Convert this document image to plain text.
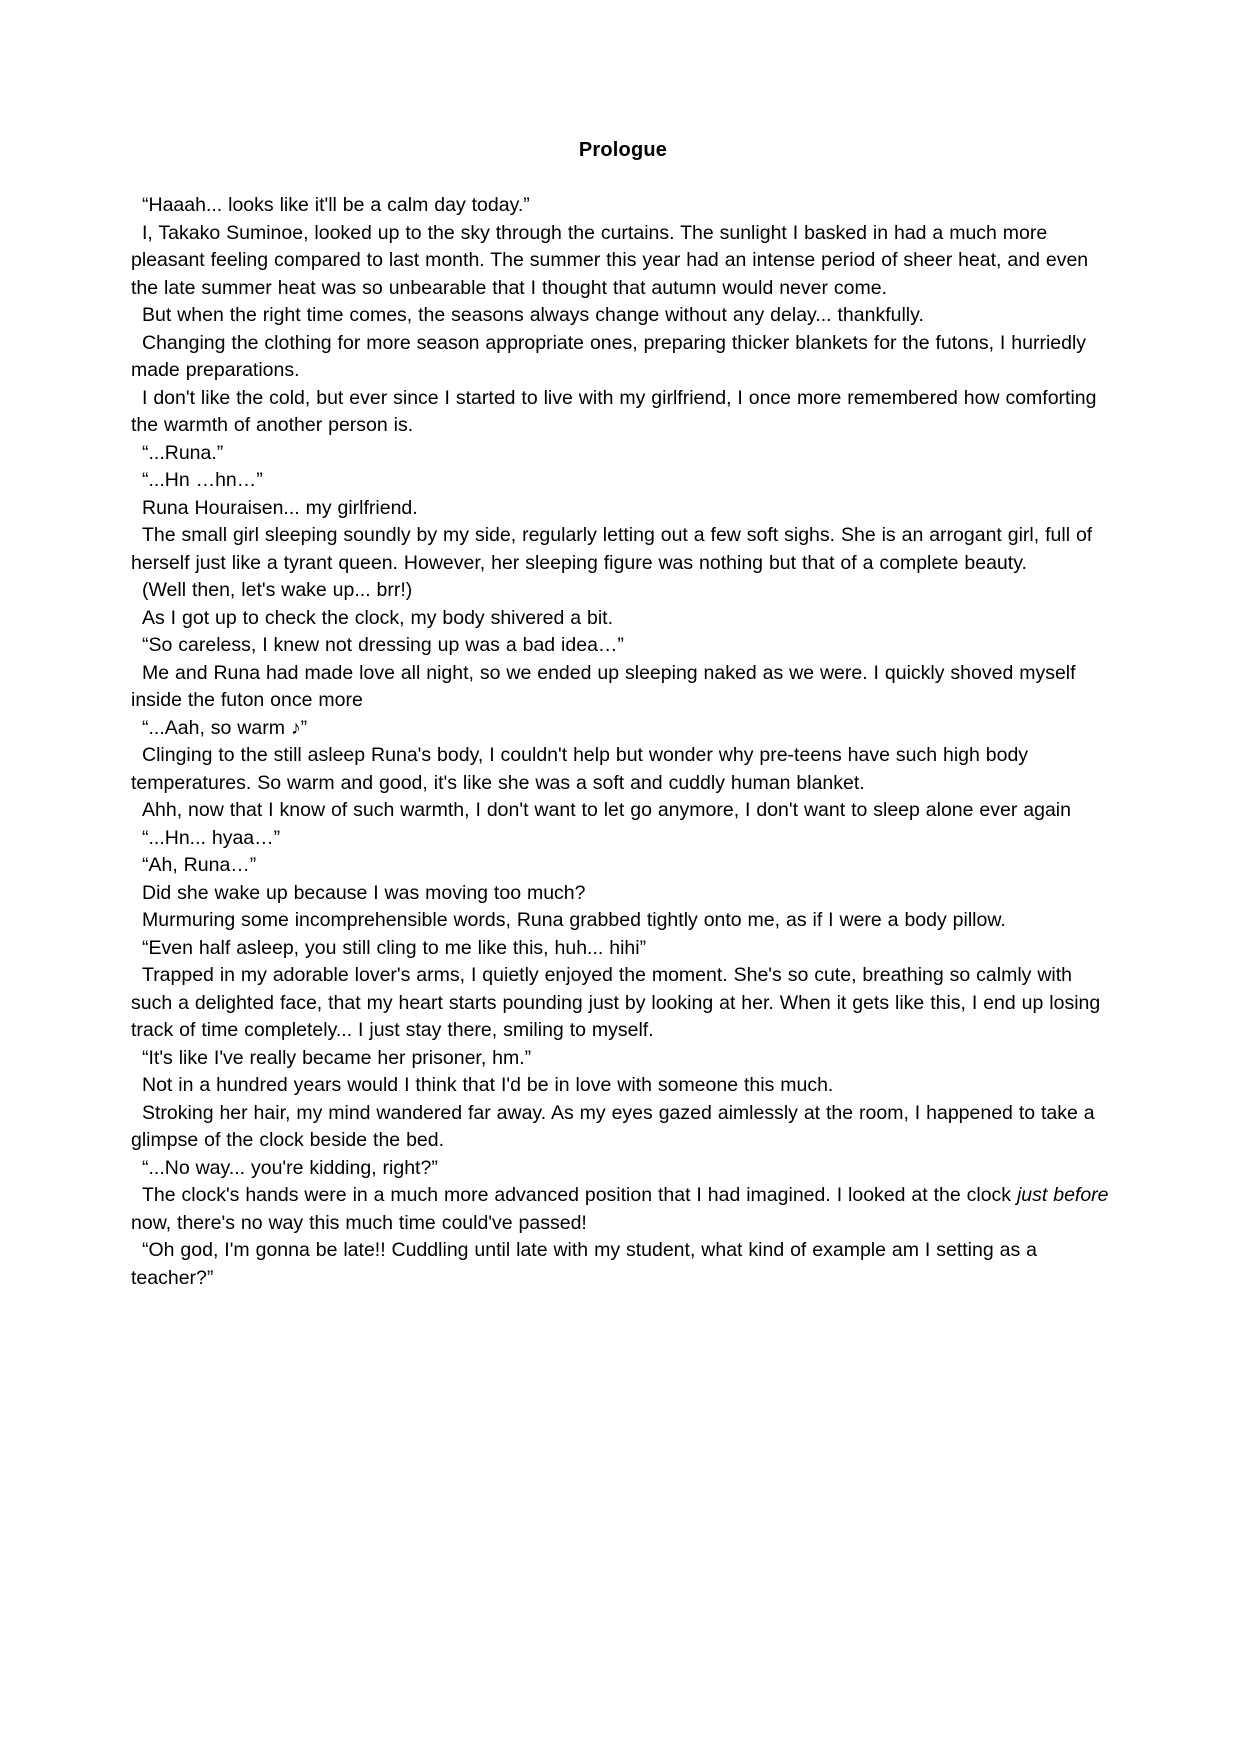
Prologue

“Haaah... looks like it'll be a calm day today.”

I, Takako Suminoe, looked up to the sky through the curtains. The sunlight I basked in had a much more pleasant feeling compared to last month. The summer this year had an intense period of sheer heat, and even the late summer heat was so unbearable that I thought that autumn would never come.

But when the right time comes, the seasons always change without any delay... thankfully.

Changing the clothing for more season appropriate ones, preparing thicker blankets for the futons, I hurriedly made preparations.

I don't like the cold, but ever since I started to live with my girlfriend, I once more remembered how comforting the warmth of another person is.

“...Runa.”

“...Hn …hn…”

Runa Houraisen... my girlfriend.

The small girl sleeping soundly by my side, regularly letting out a few soft sighs. She is an arrogant girl, full of herself just like a tyrant queen. However, her sleeping figure was nothing but that of a complete beauty.

(Well then, let's wake up... brr!)

As I got up to check the clock, my body shivered a bit.

“So careless, I knew not dressing up was a bad idea…”

Me and Runa had made love all night, so we ended up sleeping naked as we were. I quickly shoved myself inside the futon once more

“...Aah, so warm ♪”

Clinging to the still asleep Runa's body, I couldn't help but wonder why pre-teens have such high body temperatures. So warm and good, it's like she was a soft and cuddly human blanket.

Ahh, now that I know of such warmth, I don't want to let go anymore, I don't want to sleep alone ever again

“...Hn... hyaa…”

“Ah, Runa…”

Did she wake up because I was moving too much?

Murmuring some incomprehensible words, Runa grabbed tightly onto me, as if I were a body pillow.

“Even half asleep, you still cling to me like this, huh... hihi”

Trapped in my adorable lover's arms, I quietly enjoyed the moment. She's so cute, breathing so calmly with such a delighted face, that my heart starts pounding just by looking at her. When it gets like this, I end up losing track of time completely... I just stay there, smiling to myself.

“It's like I've really became her prisoner, hm.”

Not in a hundred years would I think that I'd be in love with someone this much.

Stroking her hair, my mind wandered far away. As my eyes gazed aimlessly at the room, I happened to take a glimpse of the clock beside the bed.

“...No way... you're kidding, right?”

The clock's hands were in a much more advanced position that I had imagined. I looked at the clock just before now, there's no way this much time could've passed!

“Oh god, I'm gonna be late!! Cuddling until late with my student, what kind of example am I setting as a teacher?”
